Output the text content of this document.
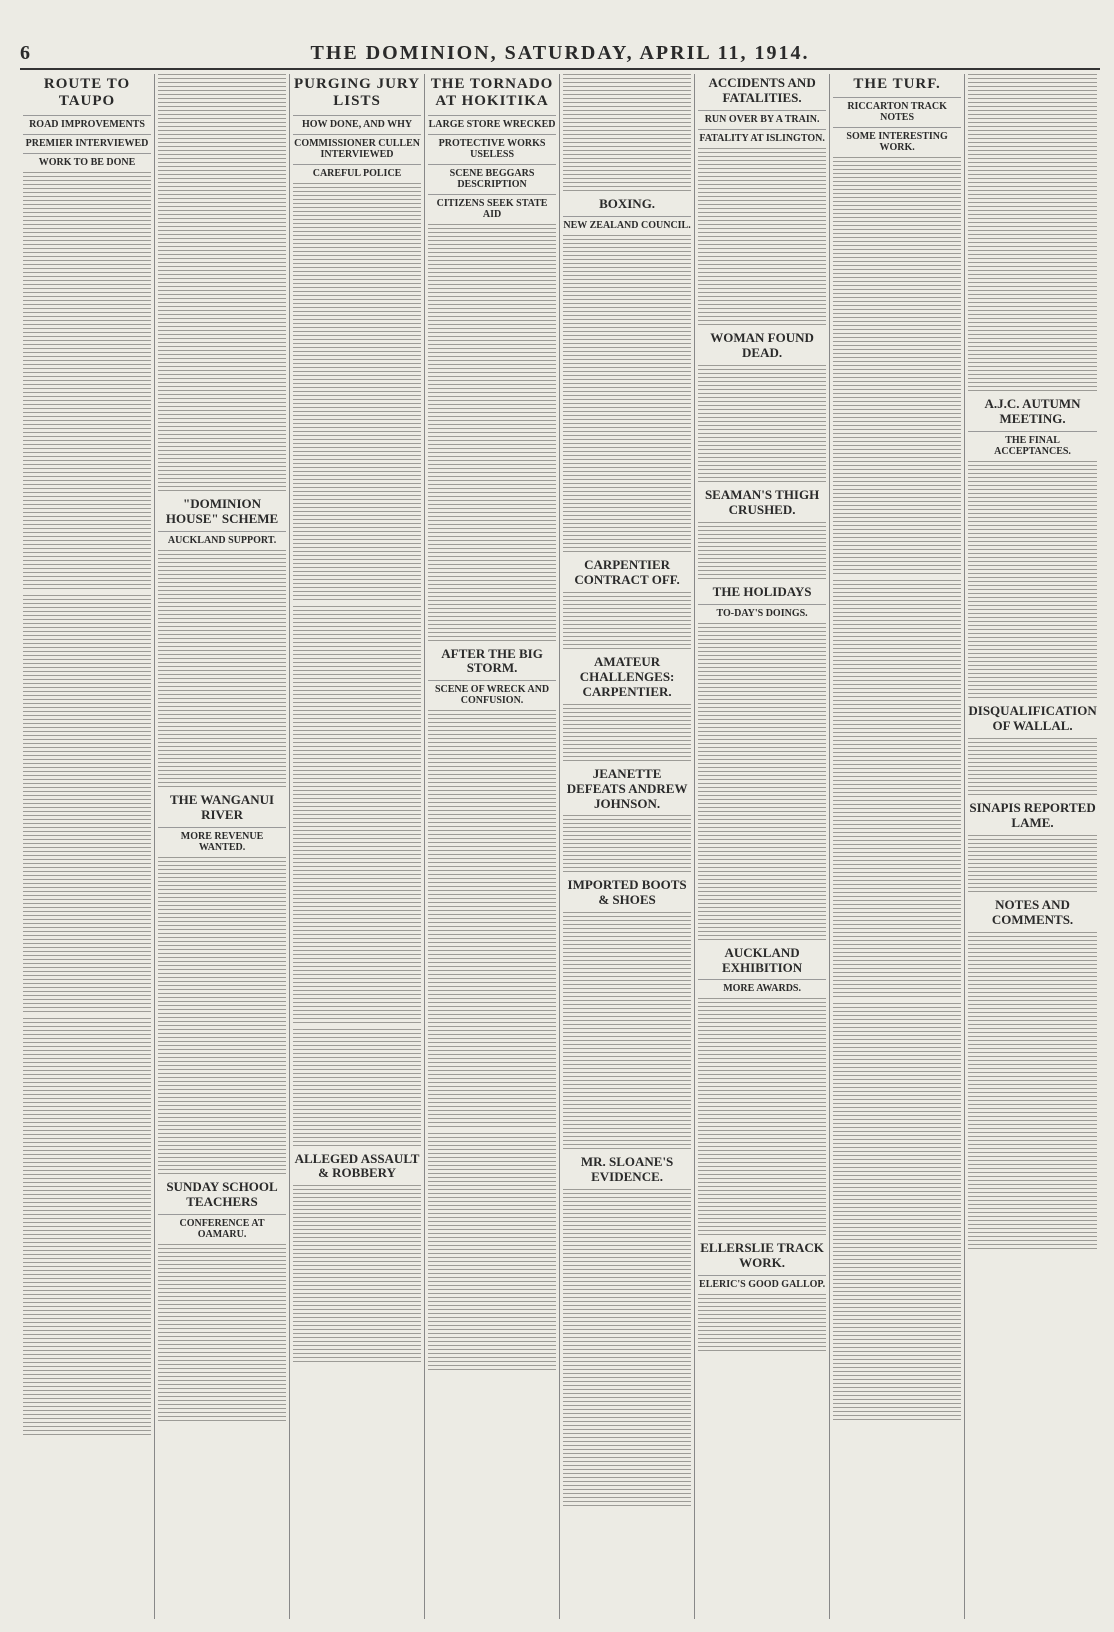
6	THE DOMINION, SATURDAY, APRIL 11, 1914.
ROUTE TO TAUPO
ROAD IMPROVEMENTS
PREMIER INTERVIEWED
WORK TO BE DONE
"DOMINION HOUSE" SCHEME
AUCKLAND SUPPORT.
THE WANGANUI RIVER
MORE REVENUE WANTED.
SUNDAY SCHOOL TEACHERS
CONFERENCE AT OAMARU.
PURGING JURY LISTS
HOW DONE, AND WHY
COMMISSIONER CULLEN INTERVIEWED
CAREFUL POLICE
ALLEGED ASSAULT & ROBBERY
THE TORNADO AT HOKITIKA
LARGE STORE WRECKED
PROTECTIVE WORKS USELESS
SCENE BEGGARS DESCRIPTION
CITIZENS SEEK STATE AID
AFTER THE BIG STORM.
SCENE OF WRECK AND CONFUSION.
BOXING.
NEW ZEALAND COUNCIL.
CARPENTIER CONTRACT OFF.
AMATEUR CHALLENGES: CARPENTIER.
JEANETTE DEFEATS ANDREW JOHNSON.
IMPORTED BOOTS & SHOES
MR. SLOANE'S EVIDENCE.
ACCIDENTS AND FATALITIES.
RUN OVER BY A TRAIN.
FATALITY AT ISLINGTON.
WOMAN FOUND DEAD.
SEAMAN'S THIGH CRUSHED.
THE HOLIDAYS
TO-DAY'S DOINGS.
AUCKLAND EXHIBITION
MORE AWARDS.
ELLERSLIE TRACK WORK.
ELERIC'S GOOD GALLOP.
THE TURF.
RICCARTON TRACK NOTES
SOME INTERESTING WORK.
A.J.C. AUTUMN MEETING.
THE FINAL ACCEPTANCES.
DISQUALIFICATION OF WALLAL.
SINAPIS REPORTED LAME.
NOTES AND COMMENTS.
